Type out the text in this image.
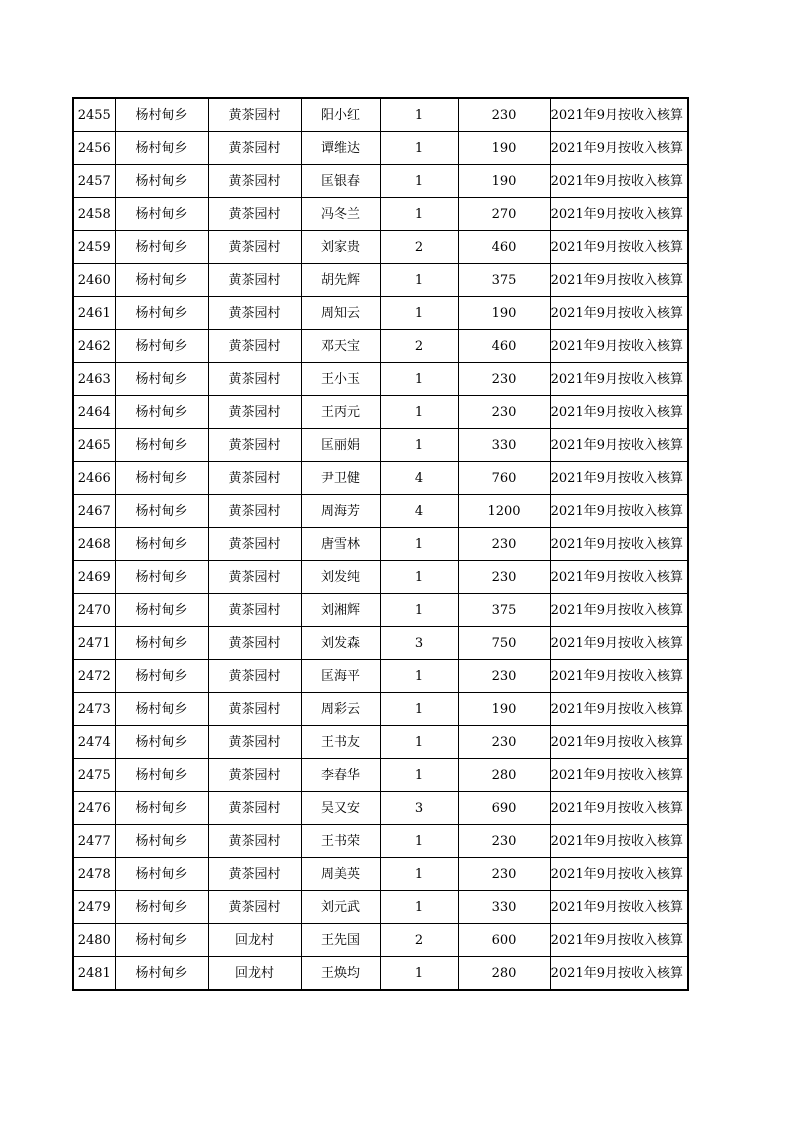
2455	杨村甸乡	黄茶园村	阳小红	1	230	2021年9月按收入核算
2456	杨村甸乡	黄茶园村	谭维达	1	190	2021年9月按收入核算
2457	杨村甸乡	黄茶园村	匡银春	1	190	2021年9月按收入核算
2458	杨村甸乡	黄茶园村	冯冬兰	1	270	2021年9月按收入核算
2459	杨村甸乡	黄茶园村	刘家贵	2	460	2021年9月按收入核算
2460	杨村甸乡	黄茶园村	胡先辉	1	375	2021年9月按收入核算
2461	杨村甸乡	黄茶园村	周知云	1	190	2021年9月按收入核算
2462	杨村甸乡	黄茶园村	邓天宝	2	460	2021年9月按收入核算
2463	杨村甸乡	黄茶园村	王小玉	1	230	2021年9月按收入核算
2464	杨村甸乡	黄茶园村	王丙元	1	230	2021年9月按收入核算
2465	杨村甸乡	黄茶园村	匡丽娟	1	330	2021年9月按收入核算
2466	杨村甸乡	黄茶园村	尹卫健	4	760	2021年9月按收入核算
2467	杨村甸乡	黄茶园村	周海芳	4	1200	2021年9月按收入核算
2468	杨村甸乡	黄茶园村	唐雪林	1	230	2021年9月按收入核算
2469	杨村甸乡	黄茶园村	刘发纯	1	230	2021年9月按收入核算
2470	杨村甸乡	黄茶园村	刘湘辉	1	375	2021年9月按收入核算
2471	杨村甸乡	黄茶园村	刘发森	3	750	2021年9月按收入核算
2472	杨村甸乡	黄茶园村	匡海平	1	230	2021年9月按收入核算
2473	杨村甸乡	黄茶园村	周彩云	1	190	2021年9月按收入核算
2474	杨村甸乡	黄茶园村	王书友	1	230	2021年9月按收入核算
2475	杨村甸乡	黄茶园村	李春华	1	280	2021年9月按收入核算
2476	杨村甸乡	黄茶园村	吴又安	3	690	2021年9月按收入核算
2477	杨村甸乡	黄茶园村	王书荣	1	230	2021年9月按收入核算
2478	杨村甸乡	黄茶园村	周美英	1	230	2021年9月按收入核算
2479	杨村甸乡	黄茶园村	刘元武	1	330	2021年9月按收入核算
2480	杨村甸乡	回龙村	王先国	2	600	2021年9月按收入核算
2481	杨村甸乡	回龙村	王焕均	1	280	2021年9月按收入核算
